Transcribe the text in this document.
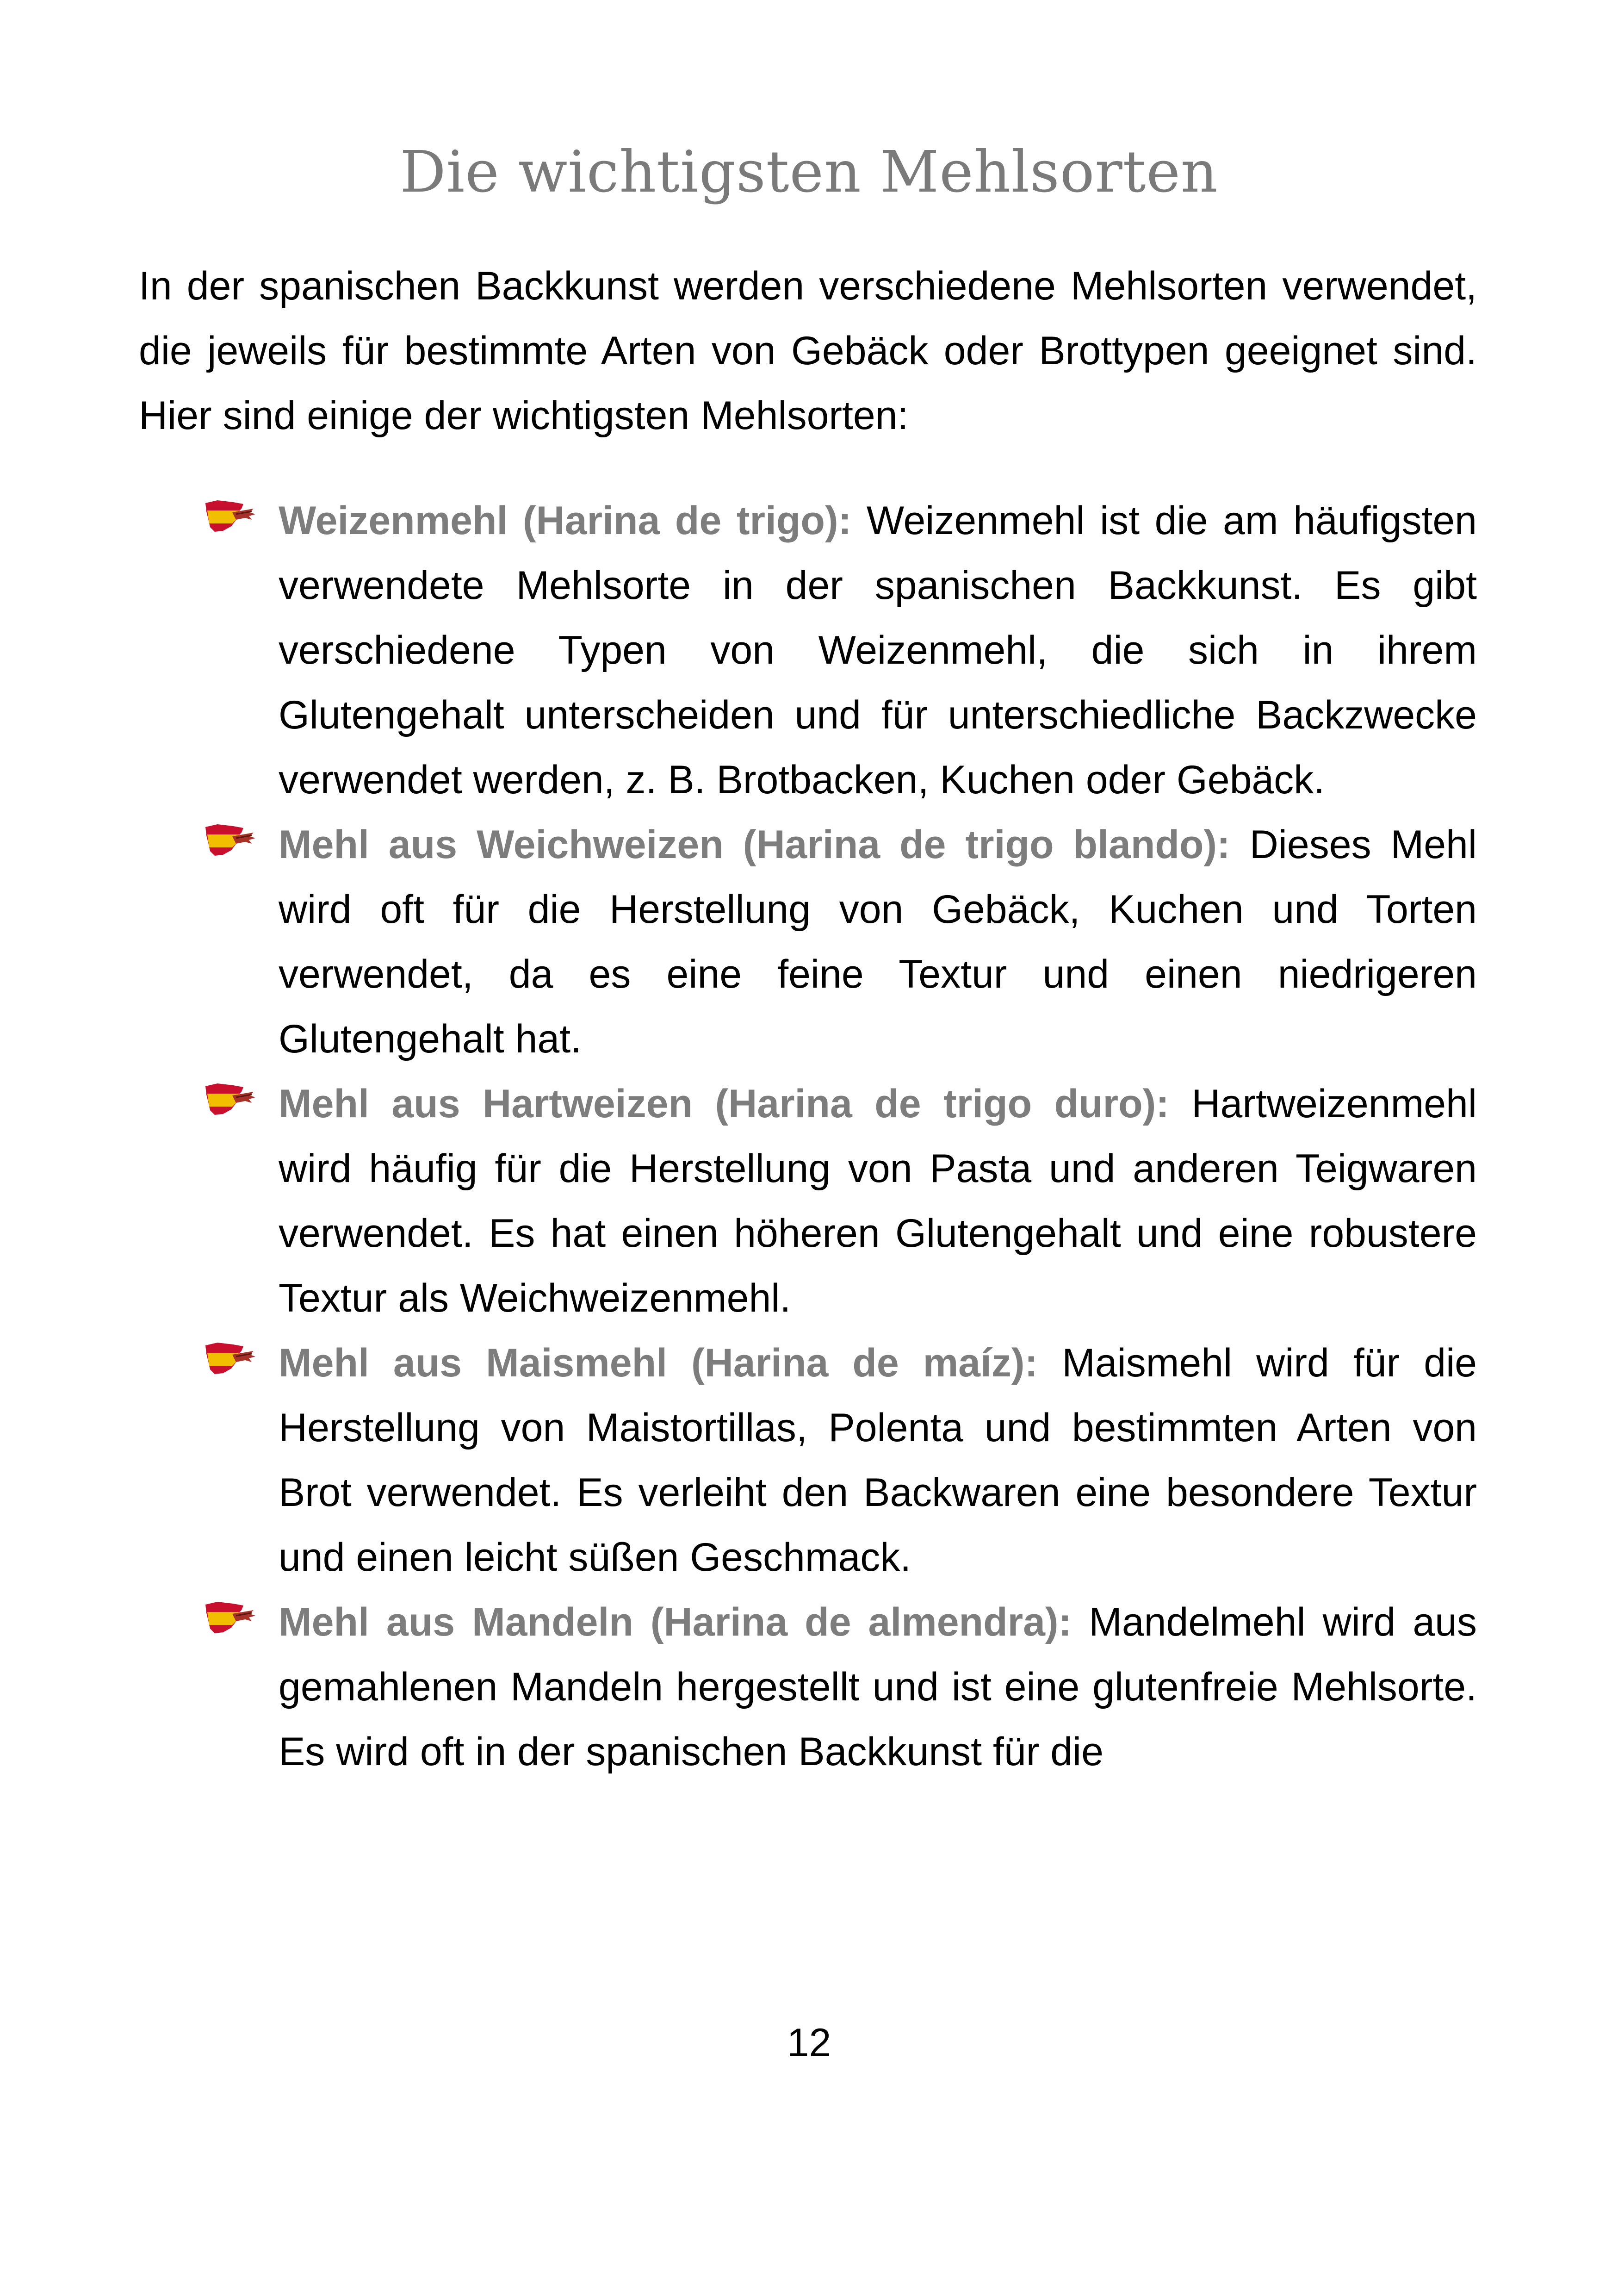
Die wichtigsten Mehlsorten

In der spanischen Backkunst werden verschiedene Mehlsorten verwendet, die jeweils für bestimmte Arten von Gebäck oder Brottypen geeignet sind. Hier sind einige der wichtigsten Mehlsorten:

Weizenmehl (Harina de trigo): Weizenmehl ist die am häufigsten verwendete Mehlsorte in der spanischen Backkunst. Es gibt verschiedene Typen von Weizenmehl, die sich in ihrem Glutengehalt unterscheiden und für unterschiedliche Backzwecke verwendet werden, z. B. Brotbacken, Kuchen oder Gebäck.
Mehl aus Weichweizen (Harina de trigo blando): Dieses Mehl wird oft für die Herstellung von Gebäck, Kuchen und Torten verwendet, da es eine feine Textur und einen niedrigeren Glutengehalt hat.
Mehl aus Hartweizen (Harina de trigo duro): Hartweizenmehl wird häufig für die Herstellung von Pasta und anderen Teigwaren verwendet. Es hat einen höheren Glutengehalt und eine robustere Textur als Weichweizenmehl.
Mehl aus Maismehl (Harina de maíz): Maismehl wird für die Herstellung von Maistortillas, Polenta und bestimmten Arten von Brot verwendet. Es verleiht den Backwaren eine besondere Textur und einen leicht süßen Geschmack.
Mehl aus Mandeln (Harina de almendra): Mandelmehl wird aus gemahlenen Mandeln hergestellt und ist eine glutenfreie Mehlsorte. Es wird oft in der spanischen Backkunst für die

12
